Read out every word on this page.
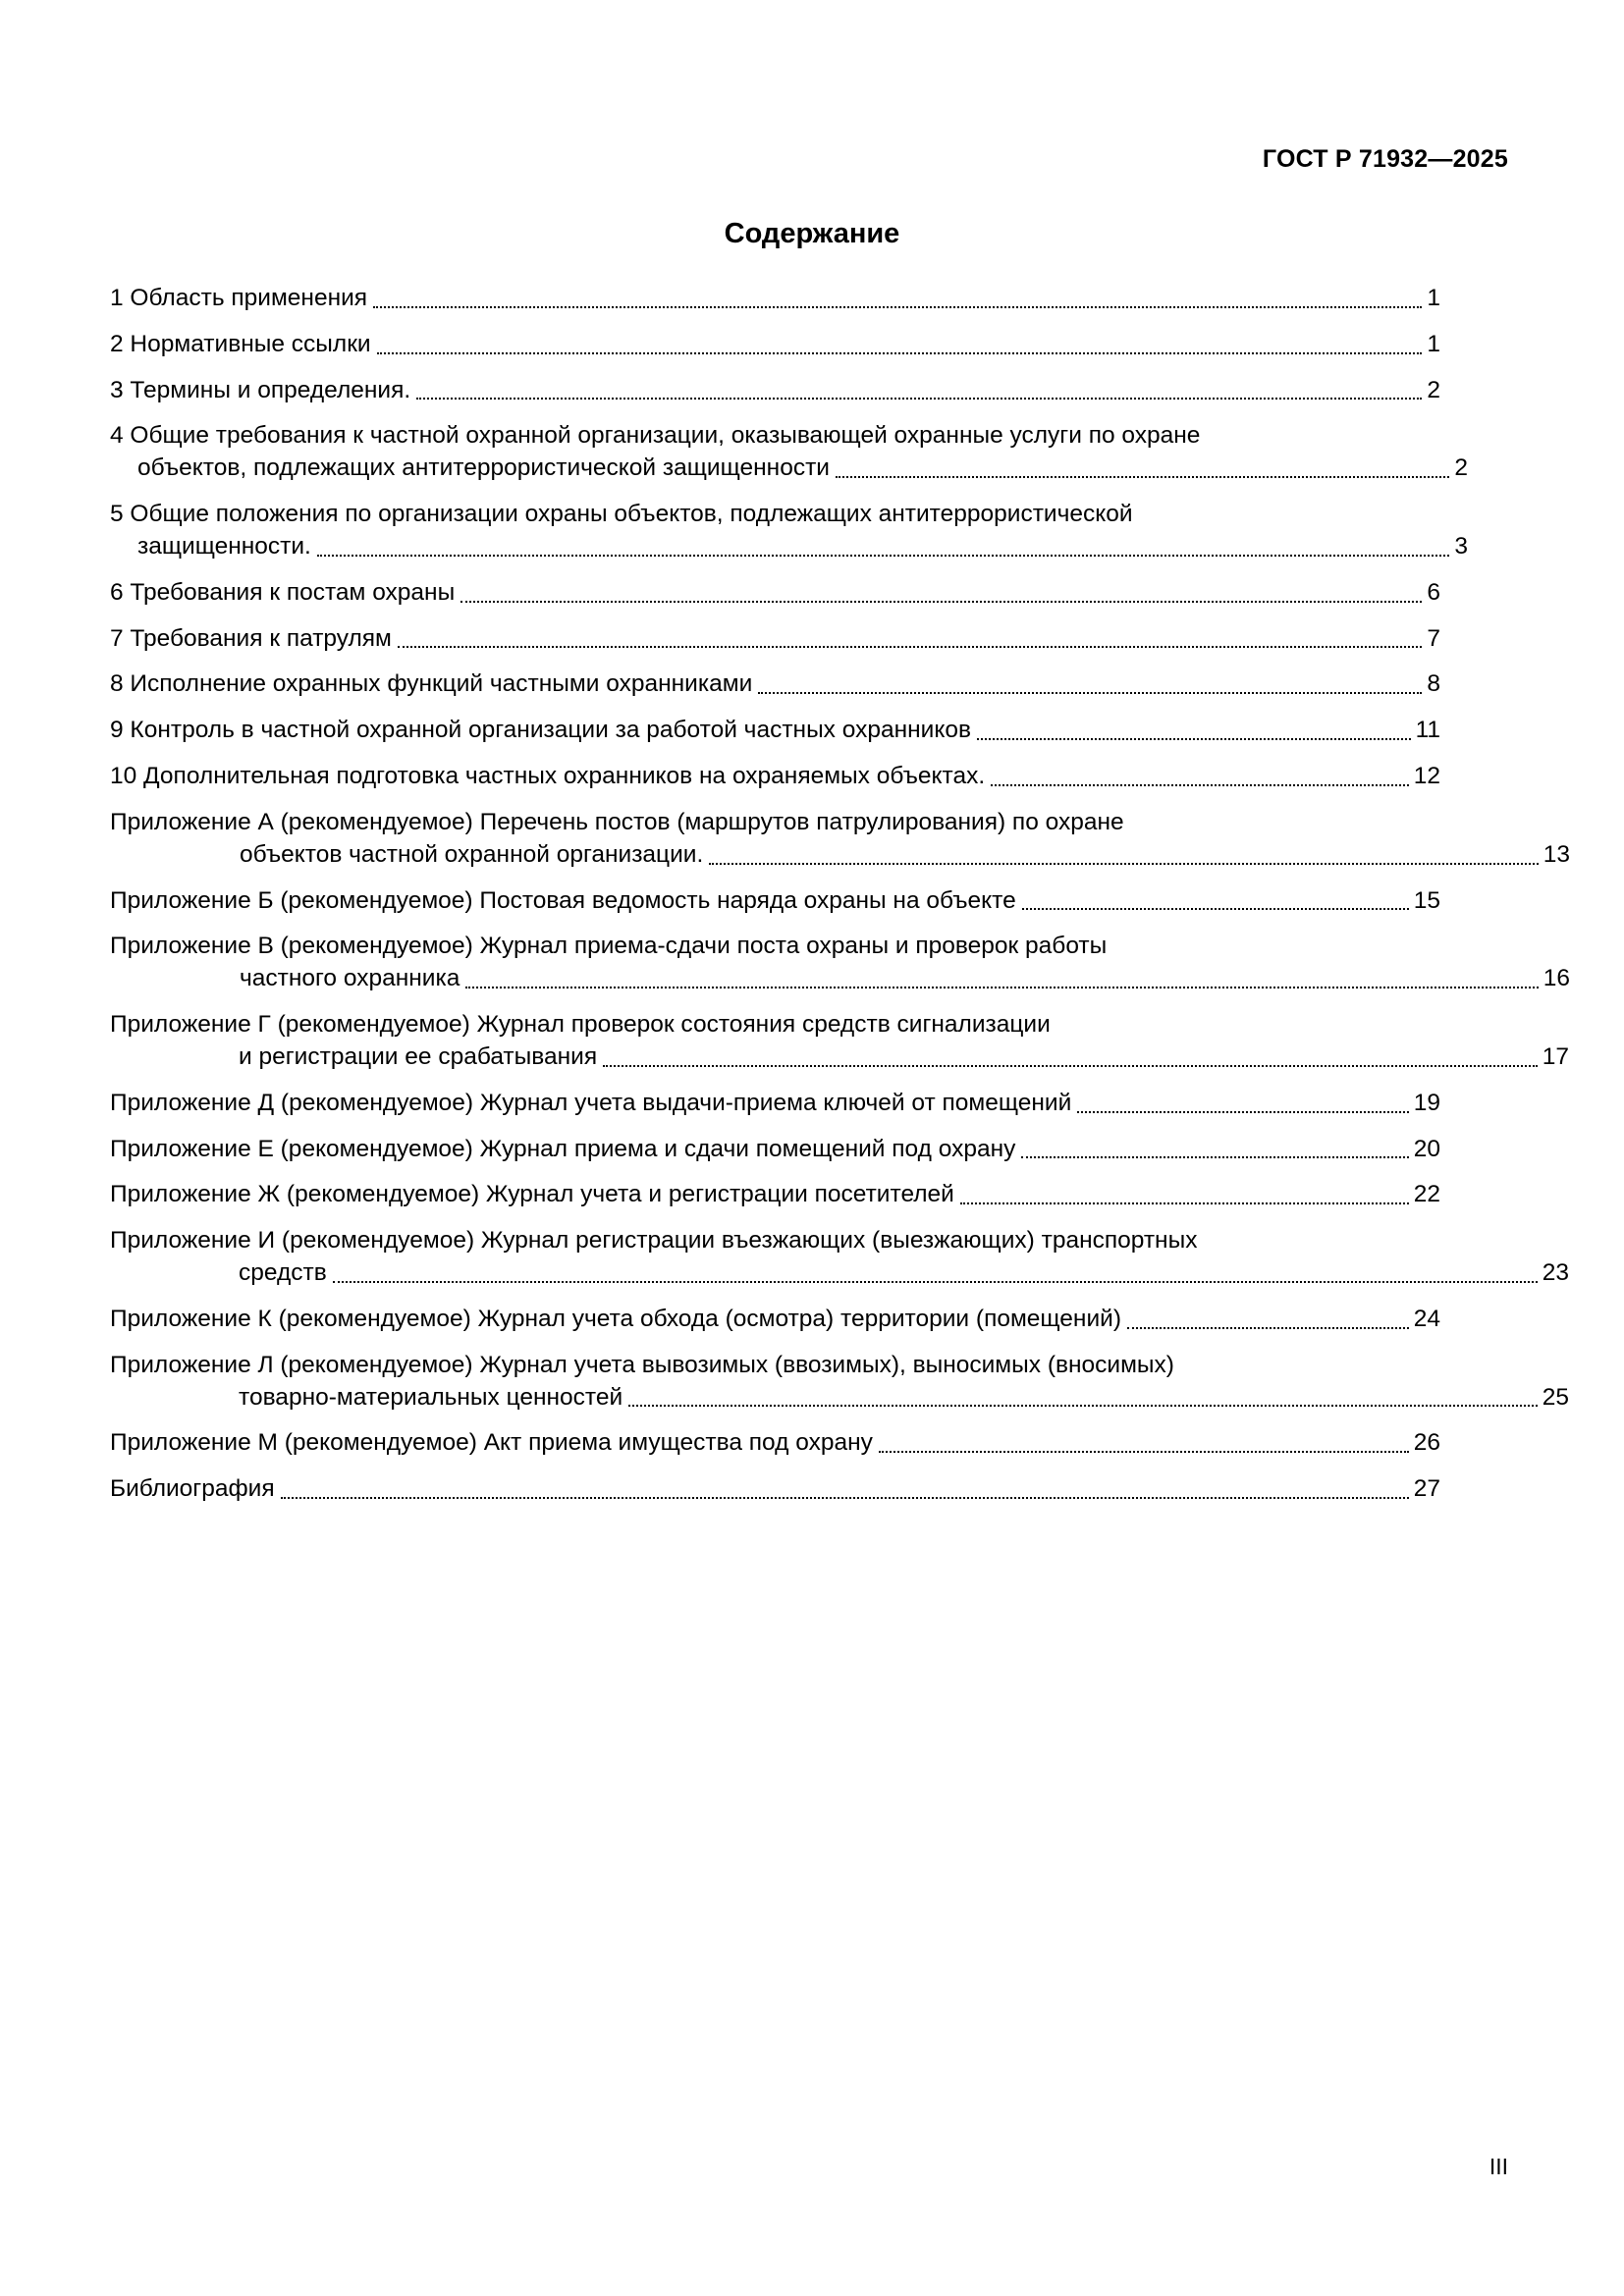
ГОСТ Р 71932—2025
Содержание
1 Область применения	1
2 Нормативные ссылки	1
3 Термины и определения.	2
4 Общие требования к частной охранной организации, оказывающей охранные услуги по охране
объектов, подлежащих антитеррористической защищенности	2
5 Общие положения по организации охраны объектов, подлежащих антитеррористической
защищенности.	3
6 Требования к постам охраны	6
7 Требования к патрулям	7
8 Исполнение охранных функций частными охранниками	8
9 Контроль в частной охранной организации за работой частных охранников	11
10 Дополнительная подготовка частных охранников на охраняемых объектах.	12
Приложение А (рекомендуемое) Перечень постов (маршрутов патрулирования) по охране
объектов частной охранной организации.	13
Приложение Б (рекомендуемое) Постовая ведомость наряда охраны на объекте	15
Приложение В (рекомендуемое) Журнал приема-сдачи поста охраны и проверок работы
частного охранника	16
Приложение Г (рекомендуемое) Журнал проверок состояния средств сигнализации
и регистрации ее срабатывания	17
Приложение Д (рекомендуемое) Журнал учета выдачи-приема ключей от помещений	19
Приложение Е (рекомендуемое) Журнал приема и сдачи помещений под охрану	20
Приложение Ж (рекомендуемое) Журнал учета и регистрации посетителей	22
Приложение И (рекомендуемое) Журнал регистрации въезжающих (выезжающих) транспортных
средств	23
Приложение К (рекомендуемое) Журнал учета обхода (осмотра) территории (помещений)	24
Приложение Л (рекомендуемое) Журнал учета вывозимых (ввозимых), выносимых (вносимых)
товарно-материальных ценностей	25
Приложение М (рекомендуемое) Акт приема имущества под охрану	26
Библиография	27
III
